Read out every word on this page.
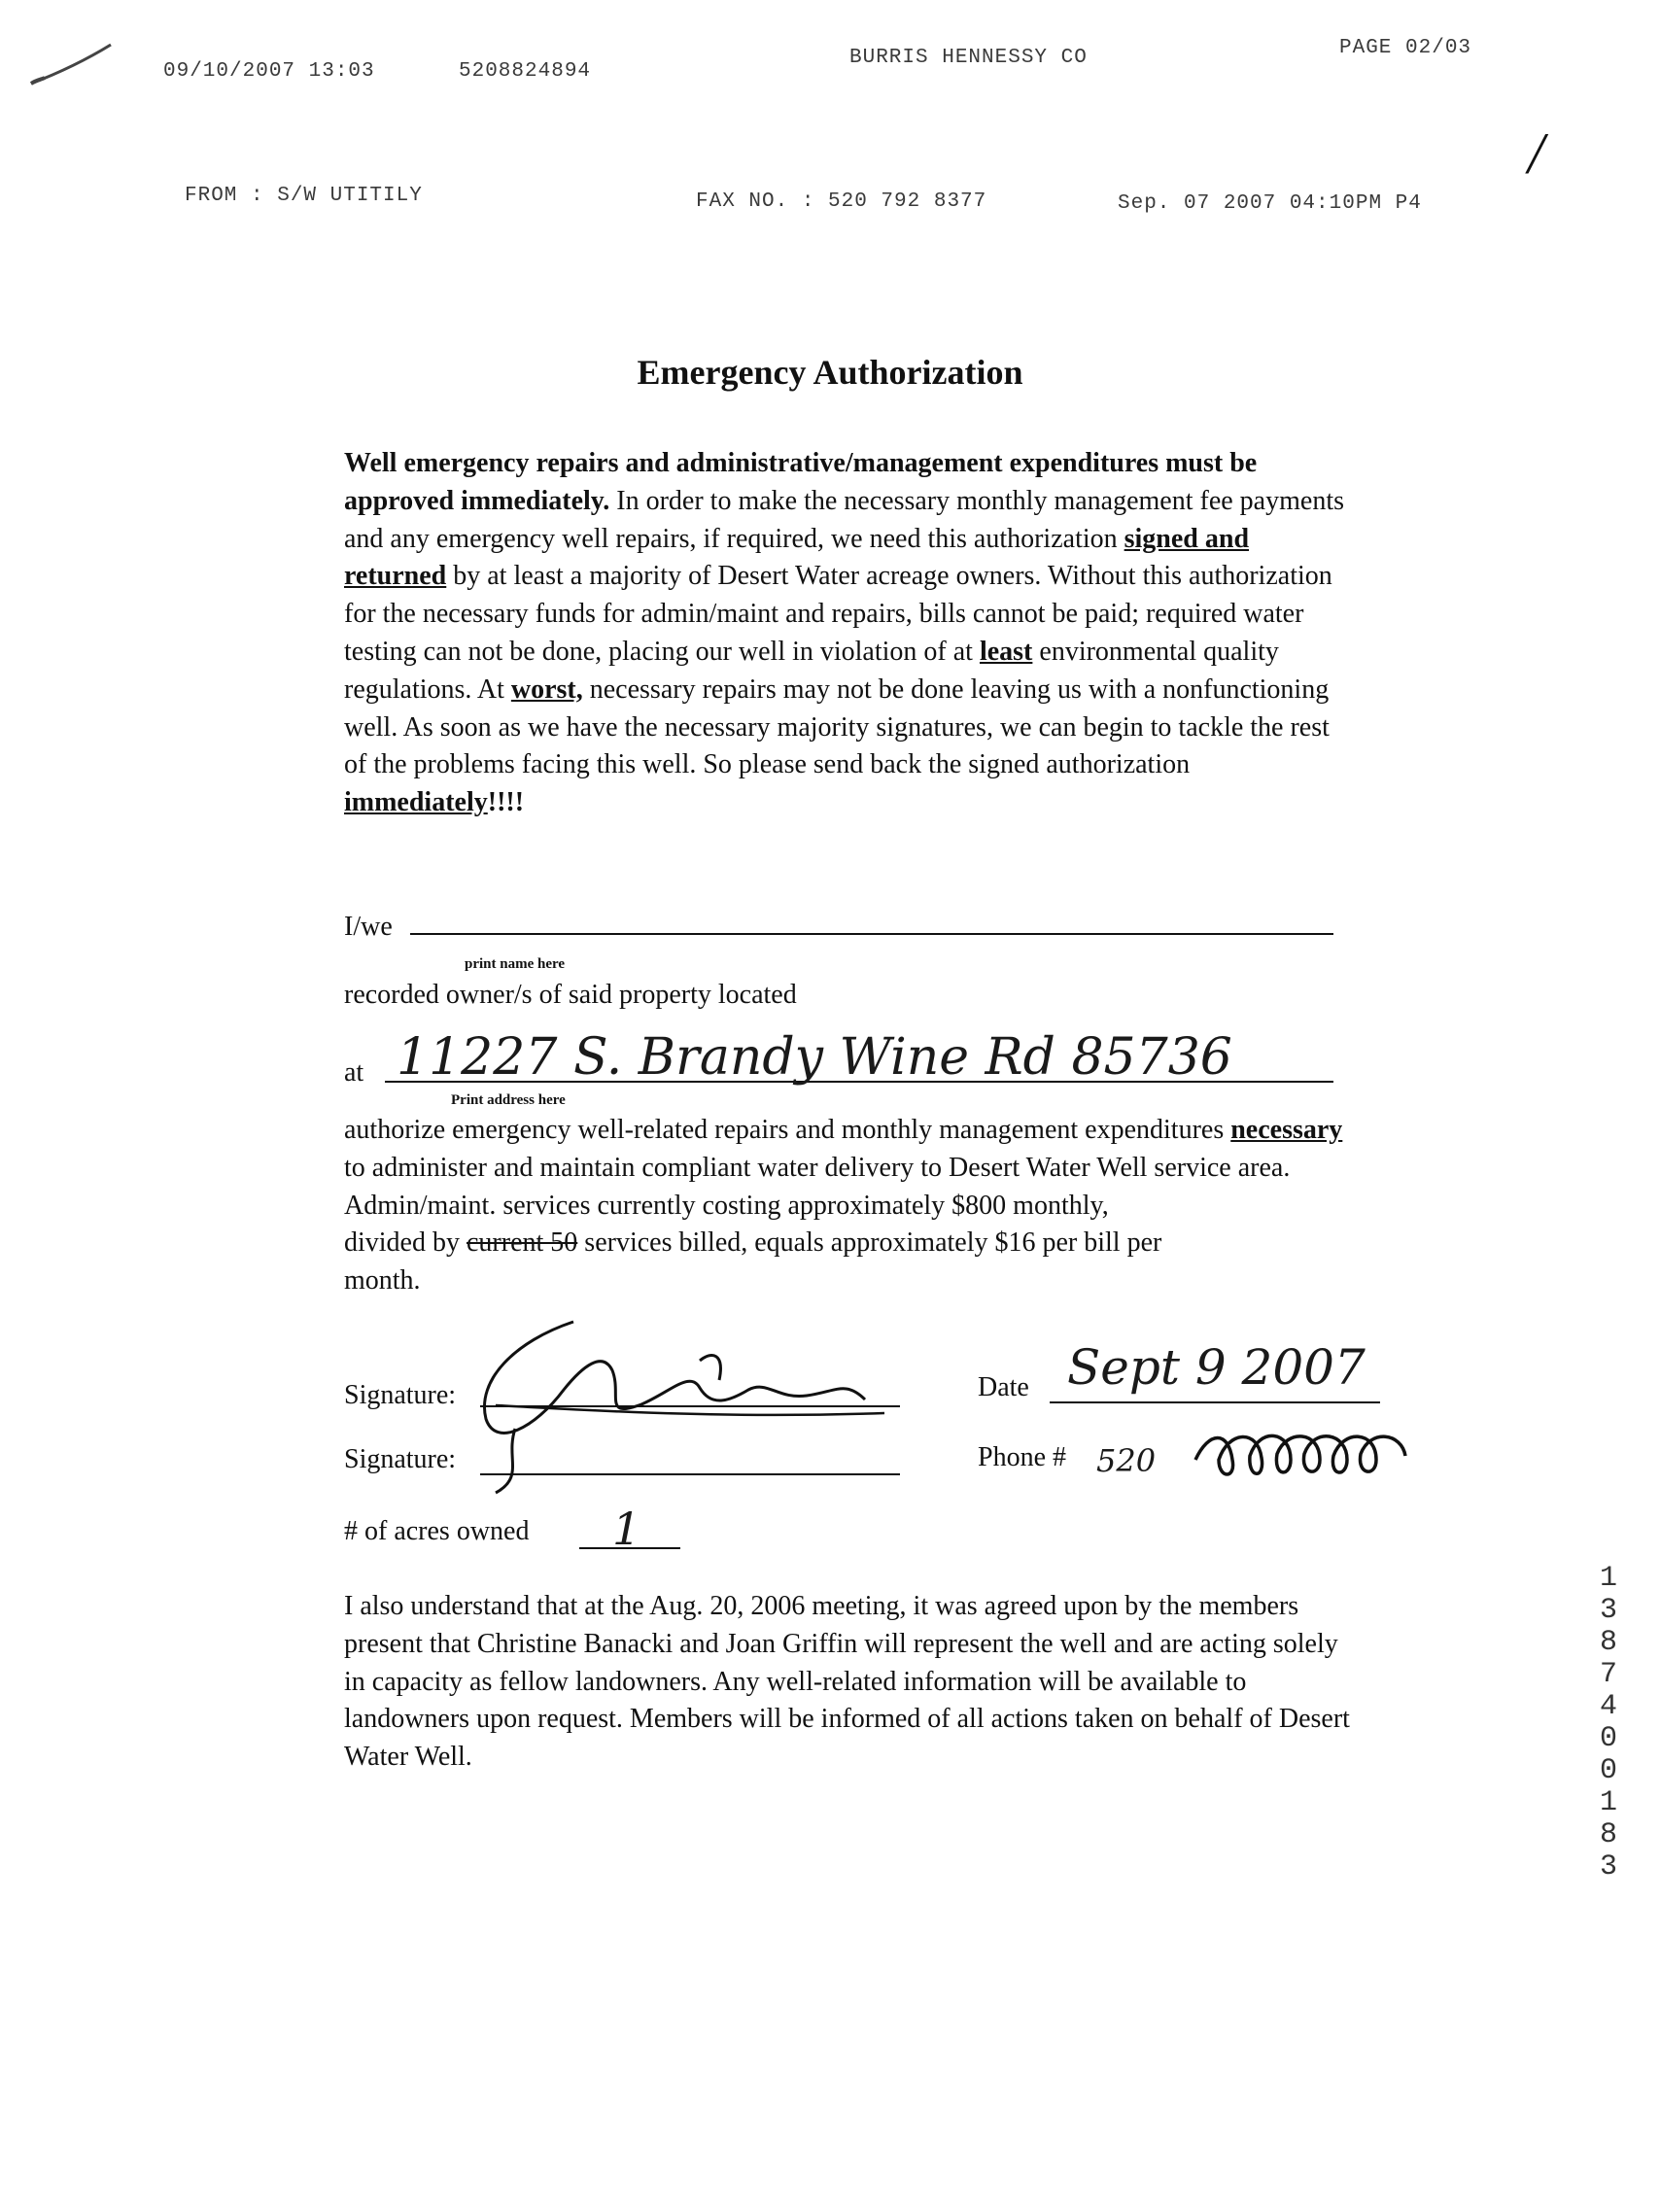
09/10/2007 13:03	5208824894
BURRIS HENNESSY CO	PAGE 02/03
FROM : S/W UTITILY	FAX NO. : 520 792 8377	Sep. 07 2007 04:10PM P4
/
Emergency Authorization

Well emergency repairs and administrative/management expenditures must be approved immediately. In order to make the necessary monthly management fee payments and any emergency well repairs, if required, we need this authorization signed and returned by at least a majority of Desert Water acreage owners. Without this authorization for the necessary funds for admin/maint and repairs, bills cannot be paid; required water testing can not be done, placing our well in violation of at least environmental quality regulations. At worst, necessary repairs may not be done leaving us with a nonfunctioning well. As soon as we have the necessary majority signatures, we can begin to tackle the rest of the problems facing this well. So please send back the signed authorization immediately!!!!

I/we
print name here
recorded owner/s of said property located
at 11227 S. Brandy Wine Rd 85736
Print address here

authorize emergency well-related repairs and monthly management expenditures necessary to administer and maintain compliant water delivery to Desert Water Well service area.

Admin/maint. services currently costing approximately $800 monthly,

divided by current 50 services billed, equals approximately $16 per bill per

month.

Signature:
Signature:
Date Sept 9 2007
Phone # 520
# of acres owned 1

I also understand that at the Aug. 20, 2006 meeting, it was agreed upon by the members present that Christine Banacki and Joan Griffin will represent the well and are acting solely in capacity as fellow landowners. Any well-related information will be available to landowners upon request. Members will be informed of all actions taken on behalf of Desert Water Well.

1
3
8
7
4
0
0
1
8
3
